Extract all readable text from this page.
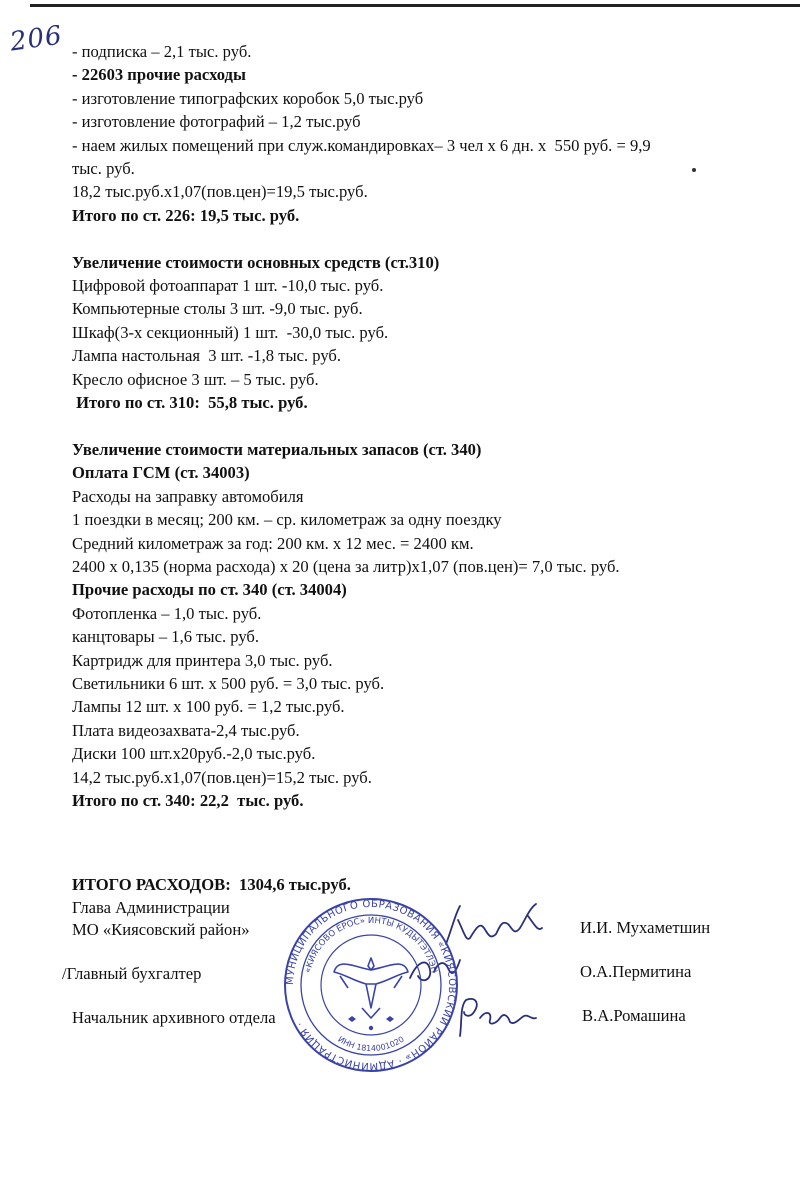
206 - подписка – 2,1 тыс. руб.
- 22603 прочие расходы
- изготовление типографских коробок 5,0 тыс.руб
- изготовление фотографий – 1,2 тыс.руб
- наем жилых помещений при служ.командировках– 3 чел х 6 дн. х  550 руб. = 9,9
тыс. руб.
18,2 тыс.руб.х1,07(пов.цен)=19,5 тыс.руб.
Итого по ст. 226: 19,5 тыс. руб.
Увеличение стоимости основных средств (ст.310)
Цифровой фотоаппарат 1 шт. -10,0 тыс. руб.
Компьютерные столы 3 шт. -9,0 тыс. руб.
Шкаф(3-х секционный) 1 шт.  -30,0 тыс. руб.
Лампа настольная  3 шт. -1,8 тыс. руб.
Кресло офисное 3 шт. – 5 тыс. руб.
Итого по ст. 310:  55,8 тыс. руб.
Увеличение стоимости материальных запасов (ст. 340)
Оплата ГСМ (ст. 34003)
Расходы на заправку автомобиля
1 поездки в месяц; 200 км. – ср. километраж за одну поездку
Средний километраж за год: 200 км. х 12 мес. = 2400 км.
2400 х 0,135 (норма расхода) х 20 (цена за литр)х1,07 (пов.цен)= 7,0 тыс. руб.
Прочие расходы по ст. 340 (ст. 34004)
Фотопленка – 1,0 тыс. руб.
канцтовары – 1,6 тыс. руб.
Картридж для принтера 3,0 тыс. руб.
Светильники 6 шт. х 500 руб. = 3,0 тыс. руб.
Лампы 12 шт. х 100 руб. = 1,2 тыс.руб.
Плата видеозахвата-2,4 тыс.руб.
Диски 100 шт.х20руб.-2,0 тыс.руб.
14,2 тыс.руб.х1,07(пов.цен)=15,2 тыс. руб.
Итого по ст. 340: 22,2  тыс. руб.
ИТОГО РАСХОДОВ:  1304,6 тыс.руб.
Глава Администрации
МО «Киясовский район»	И.И. Мухаметшин
/Главный бухгалтер	О.А.Пермитина
Начальник архивного отдела	В.А.Ромашина
МУНИЦИПАЛЬНОГО ОБРАЗОВАНИЯ «КИЯСОВСКИЙ РАЙОН» · АДМИНИСТРАЦИЯ ·
«КИЯСОВО ЁРОС» ИНТЫ КУДЫТЭТЛЭН
ИНН 1814001020
